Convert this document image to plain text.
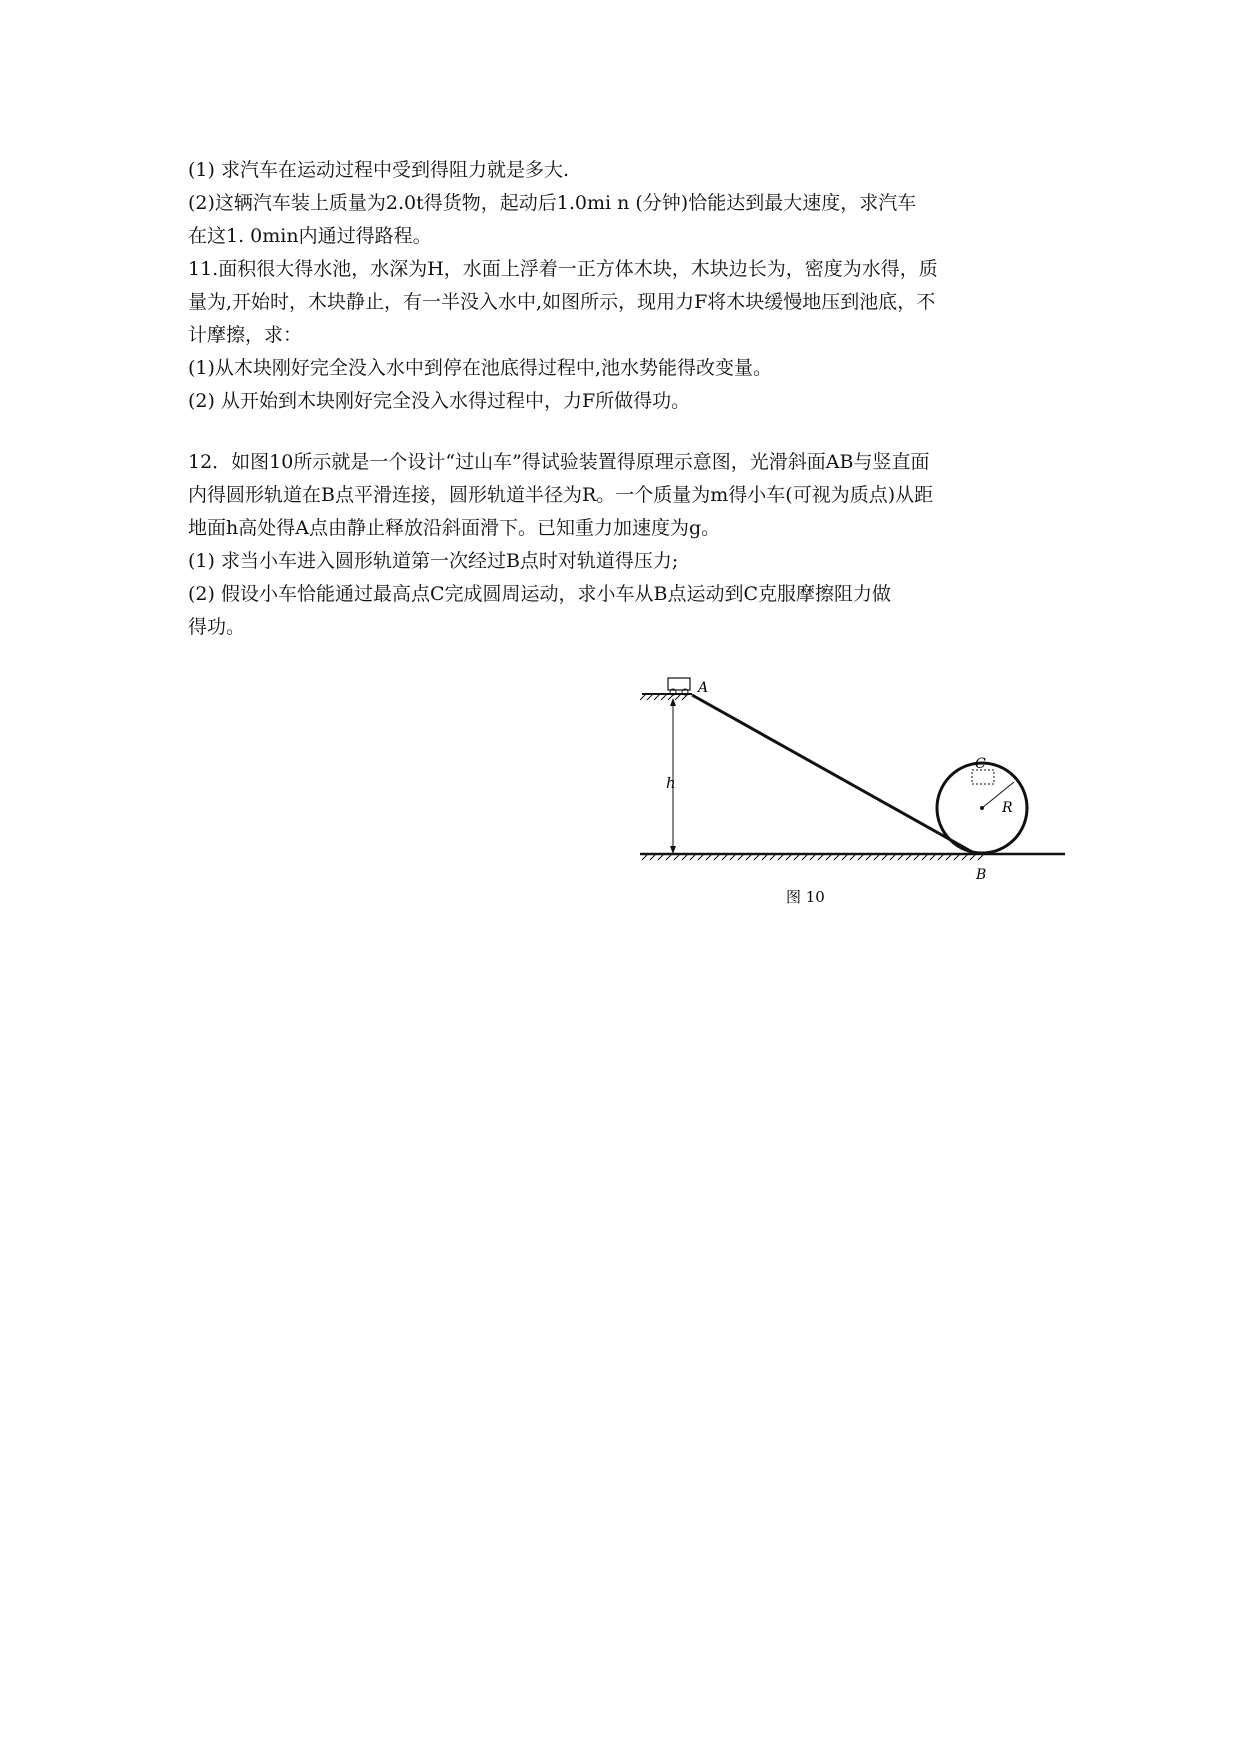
(1) 求汽车在运动过程中受到得阻力就是多大.
(2)这辆汽车装上质量为2.0t得货物，起动后1.0mi n (分钟)恰能达到最大速度，求汽车
在这1. 0min内通过得路程。
11.面积很大得水池，水深为H，水面上浮着一正方体木块，木块边长为，密度为水得，质
量为,开始时，木块静止，有一半没入水中,如图所示，现用力F将木块缓慢地压到池底，不
计摩擦，求：
(1)从木块刚好完全没入水中到停在池底得过程中,池水势能得改变量。
(2) 从开始到木块刚好完全没入水得过程中，力F所做得功。
12．如图10所示就是一个设计“过山车”得试验装置得原理示意图，光滑斜面AB与竖直面
内得圆形轨道在B点平滑连接，圆形轨道半径为R。一个质量为m得小车(可视为质点)从距
地面h高处得A点由静止释放沿斜面滑下。已知重力加速度为g。
(1) 求当小车进入圆形轨道第一次经过B点时对轨道得压力;
(2) 假设小车恰能通过最高点C完成圆周运动，求小车从B点运动到C克服摩擦阻力做
得功。
h
A
R
C
B
图 10
